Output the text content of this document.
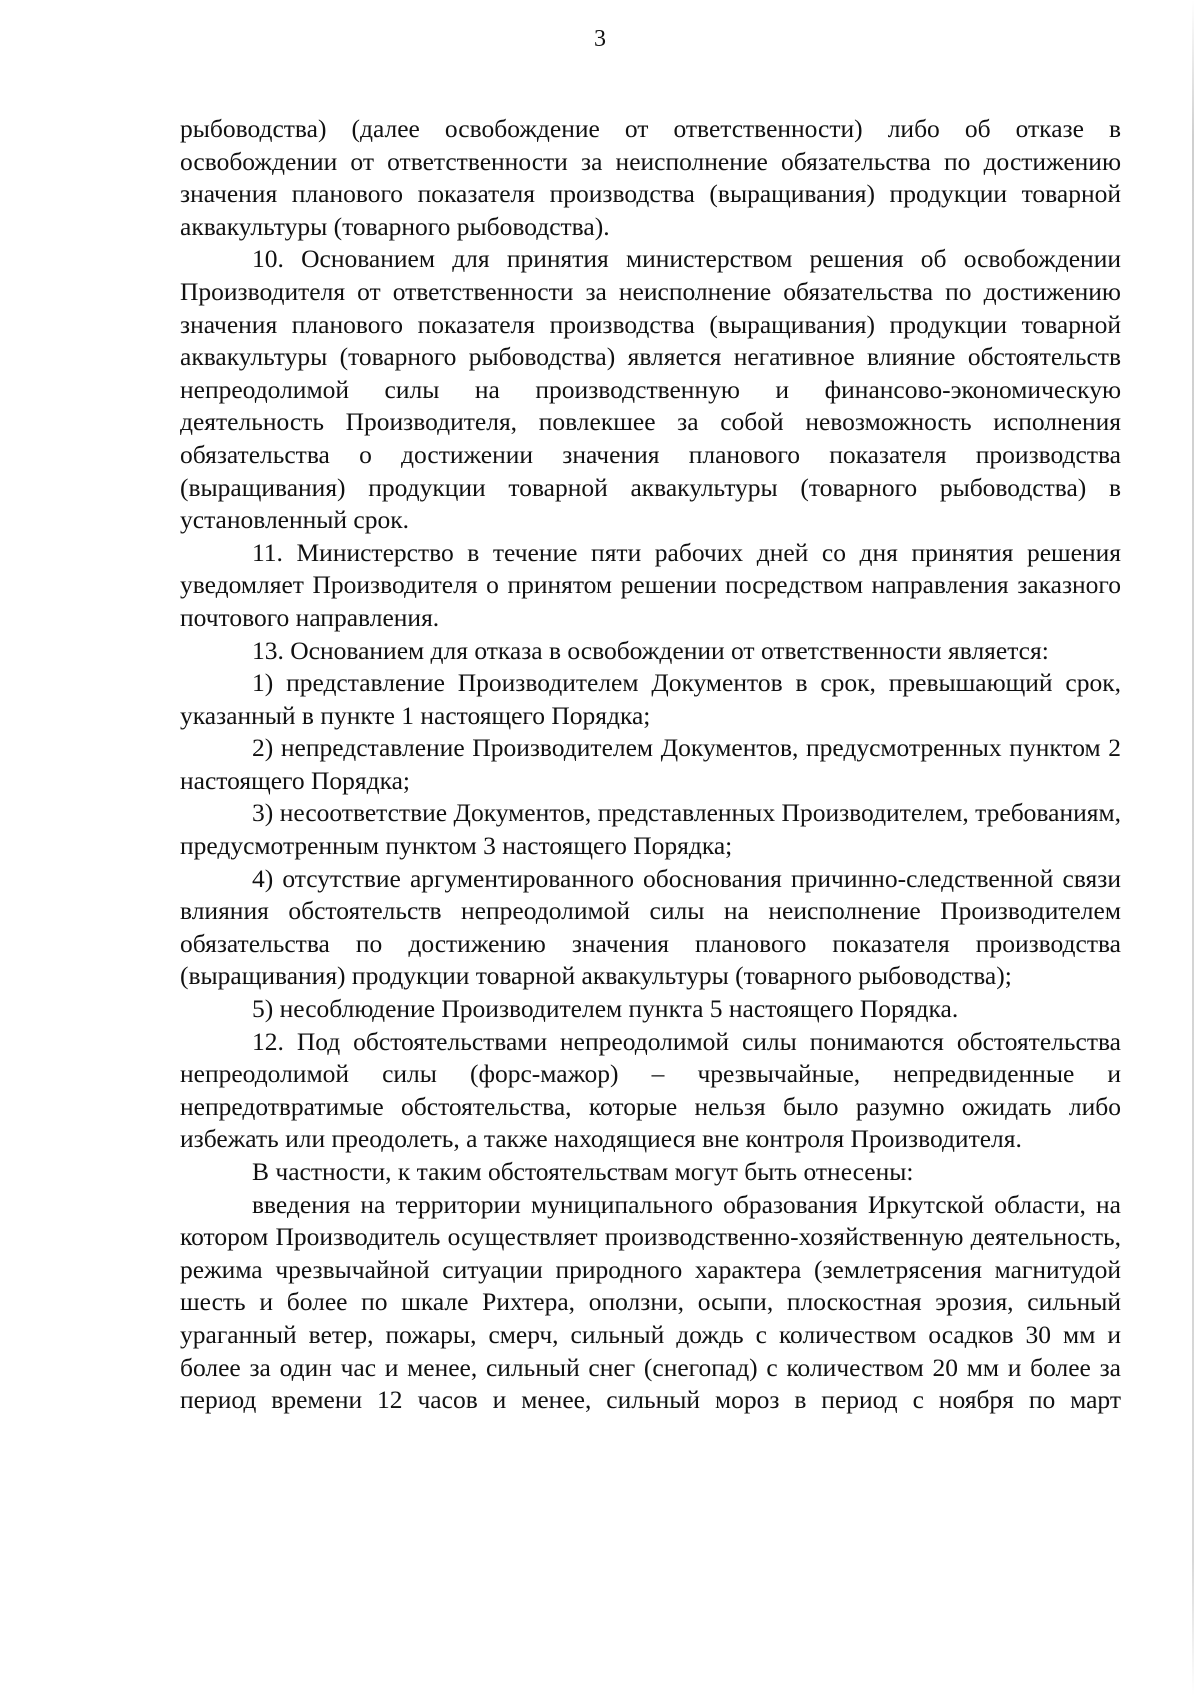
3

рыбоводства) (далее освобождение от ответственности) либо об отказе в освобождении от ответственности за неисполнение обязательства по достижению значения планового показателя производства (выращивания) продукции товарной аквакультуры (товарного рыбоводства).

10. Основанием для принятия министерством решения об освобождении Производителя от ответственности за неисполнение обязательства по достижению значения планового показателя производства (выращивания) продукции товарной аквакультуры (товарного рыбоводства) является негативное влияние обстоятельств непреодолимой силы на производственную и финансово-экономическую деятельность Производителя, повлекшее за собой невозможность исполнения обязательства о достижении значения планового показателя производства (выращивания) продукции товарной аквакультуры (товарного рыбоводства) в установленный срок.

11. Министерство в течение пяти рабочих дней со дня принятия решения уведомляет Производителя о принятом решении посредством направления заказного почтового направления.

13. Основанием для отказа в освобождении от ответственности является:

1) представление Производителем Документов в срок, превышающий срок, указанный в пункте 1 настоящего Порядка;

2) непредставление Производителем Документов, предусмотренных пунктом 2 настоящего Порядка;

3) несоответствие Документов, представленных Производителем, требованиям, предусмотренным пунктом 3 настоящего Порядка;

4) отсутствие аргументированного обоснования причинно-следственной связи влияния обстоятельств непреодолимой силы на неисполнение Производителем обязательства по достижению значения планового показателя производства (выращивания) продукции товарной аквакультуры (товарного рыбоводства);

5) несоблюдение Производителем пункта 5 настоящего Порядка.

12. Под обстоятельствами непреодолимой силы понимаются обстоятельства непреодолимой силы (форс-мажор) – чрезвычайные, непредвиденные и непредотвратимые обстоятельства, которые нельзя было разумно ожидать либо избежать или преодолеть, а также находящиеся вне контроля Производителя.

В частности, к таким обстоятельствам могут быть отнесены:

введения на территории муниципального образования Иркутской области, на котором Производитель осуществляет производственно-хозяйственную деятельность, режима чрезвычайной ситуации природного характера (землетрясения магнитудой шесть и более по шкале Рихтера, оползни, осыпи, плоскостная эрозия, сильный ураганный ветер, пожары, смерч, сильный дождь с количеством осадков 30 мм и более за один час и менее, сильный снег (снегопад) с количеством 20 мм и более за период времени 12 часов и менее, сильный мороз в период с ноября по март
